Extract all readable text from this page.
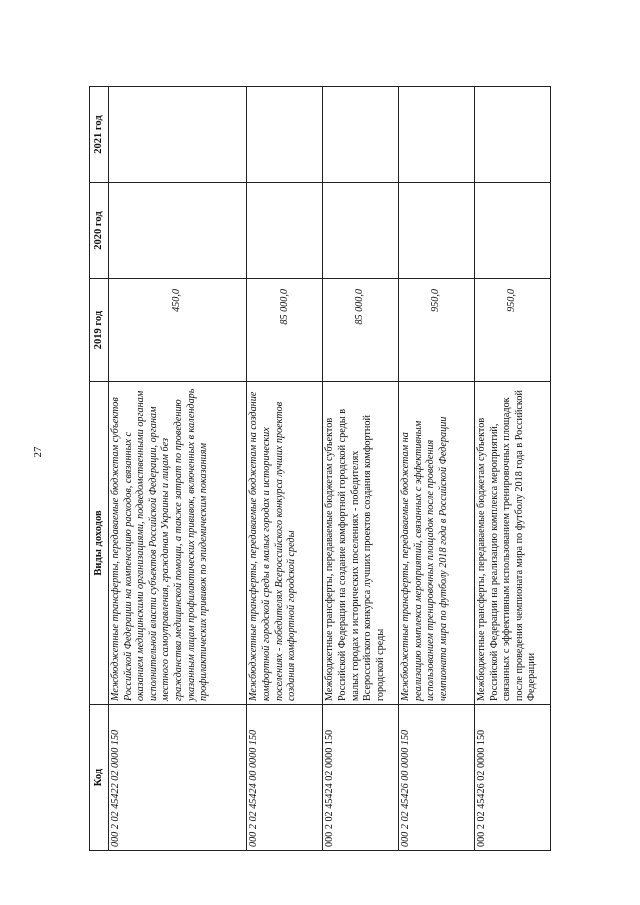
27
Код	Виды доходов	2019 год	2020 год	2021 год
000 2 02 45422 02 0000 150	Межбюджетные трансферты, передаваемые бюджетам субъектов Российской Федерации на компенсацию расходов, связанных с оказанием медицинскими организациями, подведомственными органам исполнительной власти субъектов Российской Федерации, органам местного самоуправления, гражданам Украины и лицам без гражданства медицинской помощи, а также затрат по проведению указанным лицам профилактических прививок, включенных в календарь профилактических прививок по эпидемическим показаниям	450,0		
000 2 02 45424 00 0000 150	Межбюджетные трансферты, передаваемые бюджетам на создание комфортной городской среды в малых городах и исторических поселениях - победителях Всероссийского конкурса лучших проектов создания комфортной городской среды	85 000,0		
000 2 02 45424 02 0000 150	Межбюджетные трансферты, передаваемые бюджетам субъектов Российской Федерации на создание комфортной городской среды в малых городах и исторических поселениях - победителях Всероссийского конкурса лучших проектов создания комфортной городской среды	85 000,0		
000 2 02 45426 00 0000 150	Межбюджетные трансферты, передаваемые бюджетам на реализацию комплекса мероприятий, связанных с эффективным использованием тренировочных площадок после проведения чемпионата мира по футболу 2018 года в Российской Федерации	950,0		
000 2 02 45426 02 0000 150	Межбюджетные трансферты, передаваемые бюджетам субъектов Российской Федерации на реализацию комплекса мероприятий, связанных с эффективным использованием тренировочных площадок после проведения чемпионата мира по футболу 2018 года в Российской Федерации	950,0		
